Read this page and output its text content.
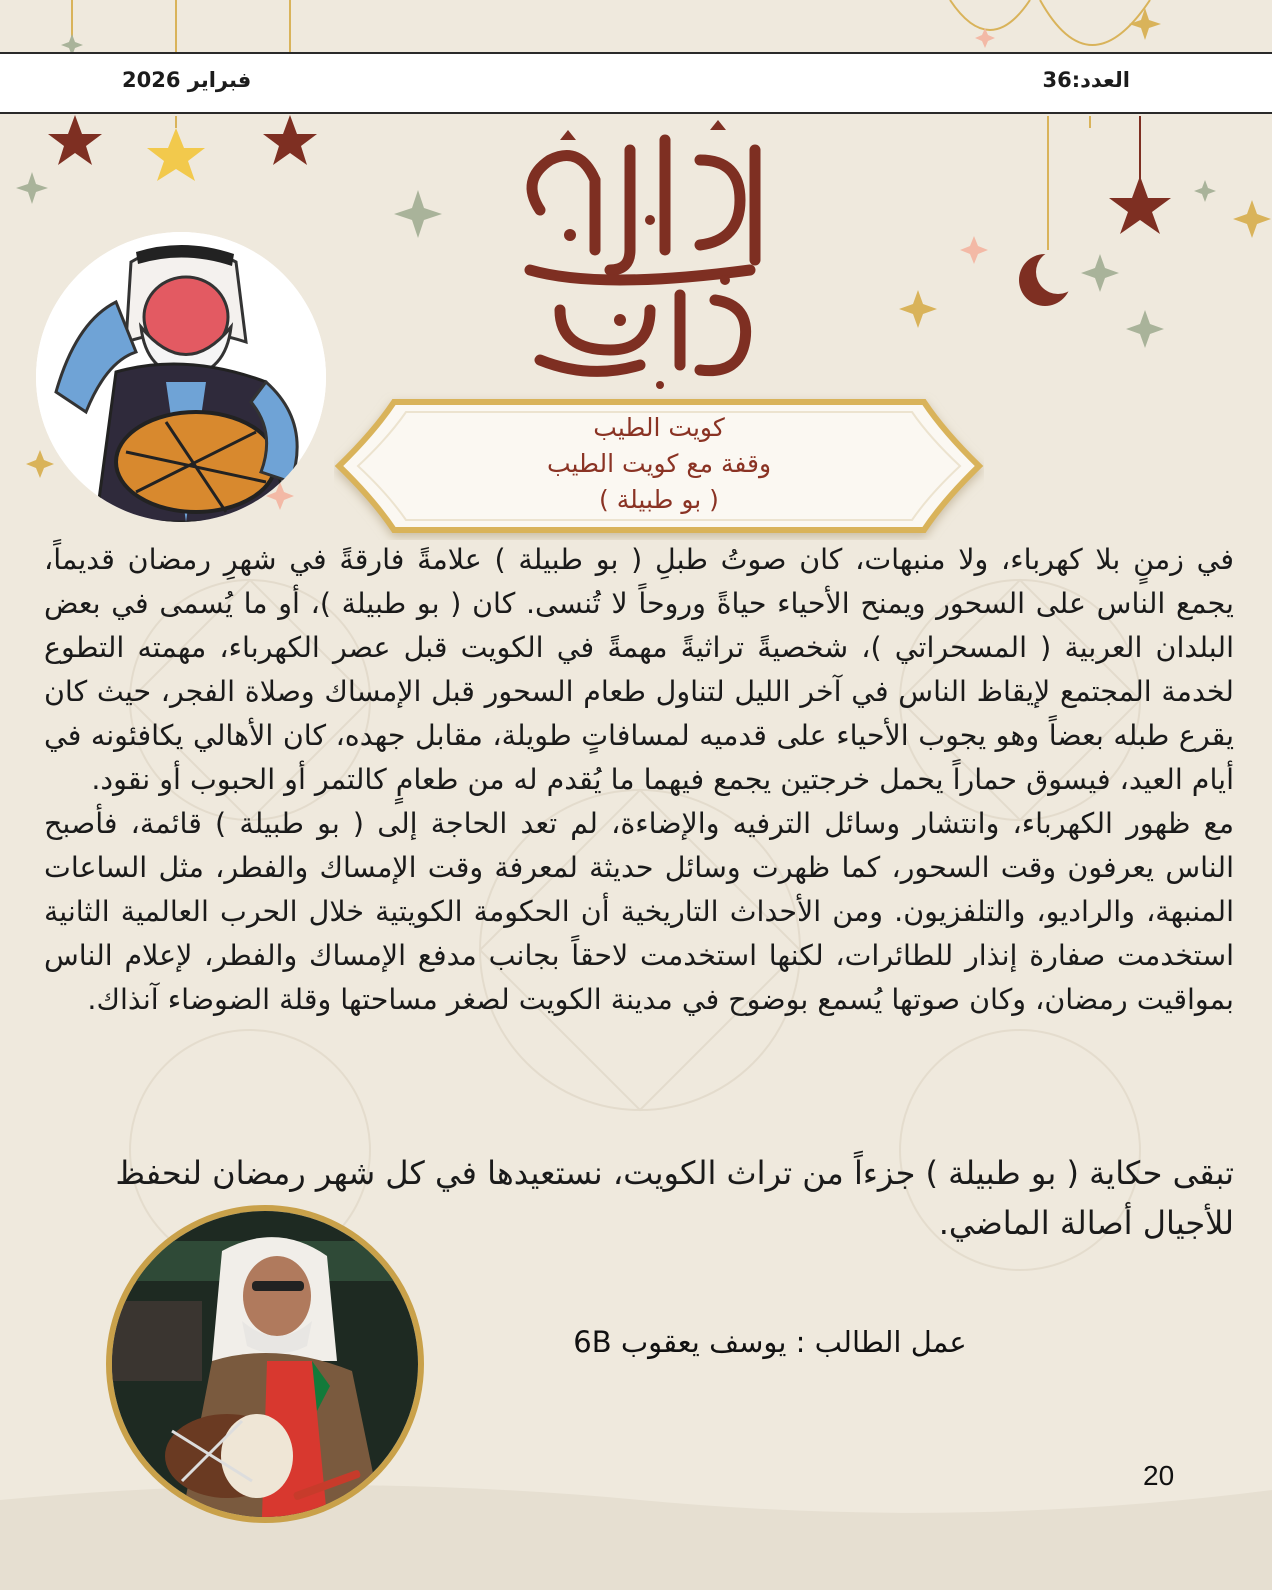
فبراير 2026	العدد:36
كويت الطيب
وقفة مع كويت الطيب
( بو طبيلة )

في زمنٍ بلا كهرباء، ولا منبهات، كان صوتُ طبلِ ( بو طبيلة ) علامةً فارقةً في شهرِ رمضان قديماً، يجمع الناس على السحور ويمنح الأحياء حياةً وروحاً لا تُنسى. كان ( بو طبيلة )، أو ما يُسمى في بعض البلدان العربية ( المسحراتي )، شخصيةً تراثيةً مهمةً في الكويت قبل عصر الكهرباء، مهمته التطوع لخدمة المجتمع لإيقاظ الناس في آخر الليل لتناول طعام السحور قبل الإمساك وصلاة الفجر، حيث كان يقرع طبله بعضاً وهو يجوب الأحياء على قدميه لمسافاتٍ طويلة، مقابل جهده، كان الأهالي يكافئونه في أيام العيد، فيسوق حماراً يحمل خرجتين يجمع فيهما ما يُقدم له من طعامٍ كالتمر أو الحبوب أو نقود.

مع ظهور الكهرباء، وانتشار وسائل الترفيه والإضاءة، لم تعد الحاجة إلى ( بو طبيلة ) قائمة، فأصبح الناس يعرفون وقت السحور، كما ظهرت وسائل حديثة لمعرفة وقت الإمساك والفطر، مثل الساعات المنبهة، والراديو، والتلفزيون. ومن الأحداث التاريخية أن الحكومة الكويتية خلال الحرب العالمية الثانية استخدمت صفارة إنذار للطائرات، لكنها استخدمت لاحقاً بجانب مدفع الإمساك والفطر، لإعلام الناس بمواقيت رمضان، وكان صوتها يُسمع بوضوح في مدينة الكويت لصغر مساحتها وقلة الضوضاء آنذاك.

تبقى حكاية ( بو طبيلة ) جزءاً من تراث الكويت، نستعيدها في كل شهر رمضان لنحفظ للأجيال أصالة الماضي.
عمل الطالب : يوسف يعقوب 6B
20
